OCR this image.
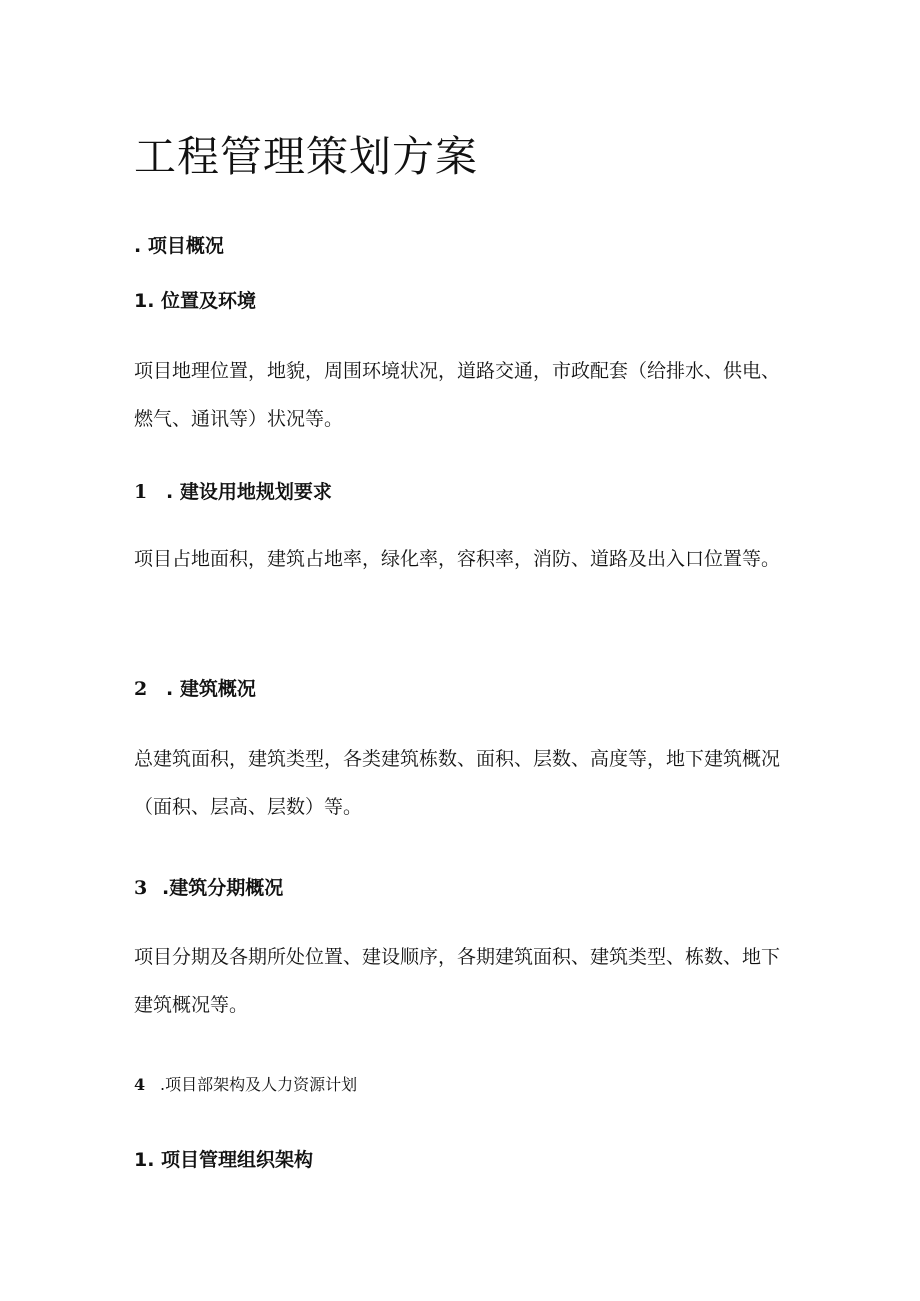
工程管理策划方案
. 项目概况
1. 位置及环境
项目地理位置，地貌，周围环境状况，道路交通，市政配套（给排水、供电、燃气、通讯等）状况等。
1 . 建设用地规划要求
项目占地面积，建筑占地率，绿化率，容积率，消防、道路及出入口位置等。
2 . 建筑概况
总建筑面积，建筑类型，各类建筑栋数、面积、层数、高度等，地下建筑概况（面积、层高、层数）等。
3 .建筑分期概况
项目分期及各期所处位置、建设顺序，各期建筑面积、建筑类型、栋数、地下建筑概况等。
4 .项目部架构及人力资源计划
1. 项目管理组织架构
